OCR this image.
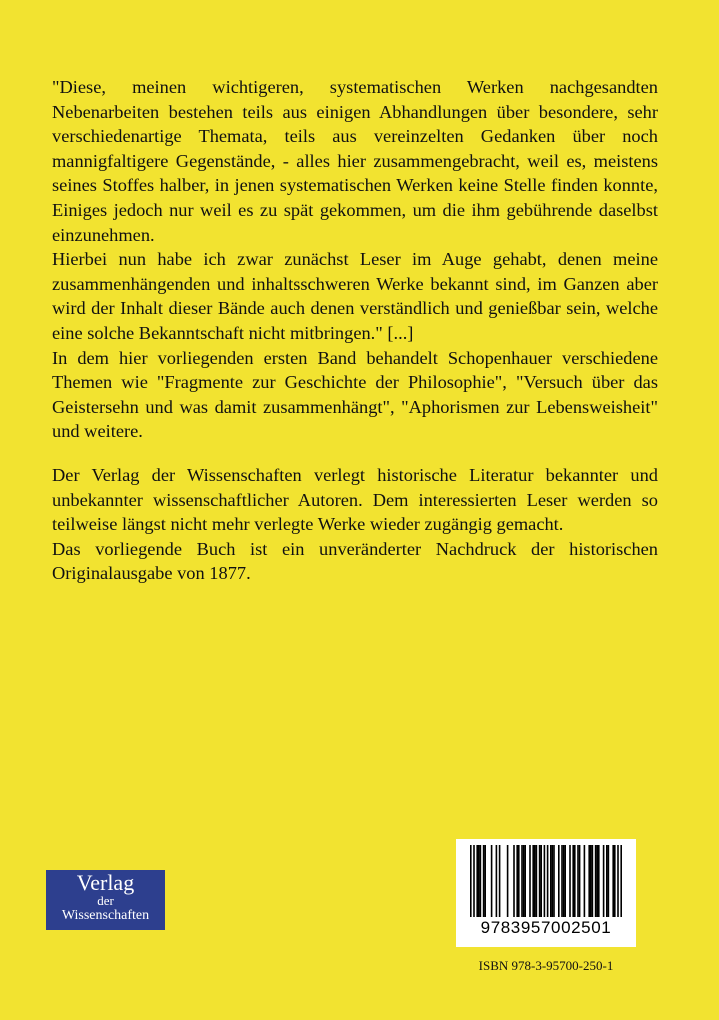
"Diese, meinen wichtigeren, systematischen Werken nachgesandten Nebenarbeiten bestehen teils aus einigen Abhandlungen über besondere, sehr verschiedenartige Themata, teils aus vereinzelten Gedanken über noch mannigfaltigere Gegenstände, - alles hier zusammengebracht, weil es, meistens seines Stoffes halber, in jenen systematischen Werken keine Stelle finden konnte, Einiges jedoch nur weil es zu spät gekommen, um die ihm gebührende daselbst einzunehmen.

Hierbei nun habe ich zwar zunächst Leser im Auge gehabt, denen meine zusammenhängenden und inhaltsschweren Werke bekannt sind, im Ganzen aber wird der Inhalt dieser Bände auch denen verständlich und genießbar sein, welche eine solche Bekanntschaft nicht mitbringen." [...]

In dem hier vorliegenden ersten Band behandelt Schopenhauer verschiedene Themen wie "Fragmente zur Geschichte der Philosophie", "Versuch über das Geistersehn und was damit zusammenhängt", "Aphorismen zur Lebensweisheit" und weitere.

Der Verlag der Wissenschaften verlegt historische Literatur bekannter und unbekannter wissenschaftlicher Autoren. Dem interessierten Leser werden so teilweise längst nicht mehr verlegte Werke wieder zugängig gemacht.

Das vorliegende Buch ist ein unveränderter Nachdruck der historischen Originalausgabe von 1877.

Verlag
der
Wissenschaften
9783957002501
ISBN 978-3-95700-250-1
